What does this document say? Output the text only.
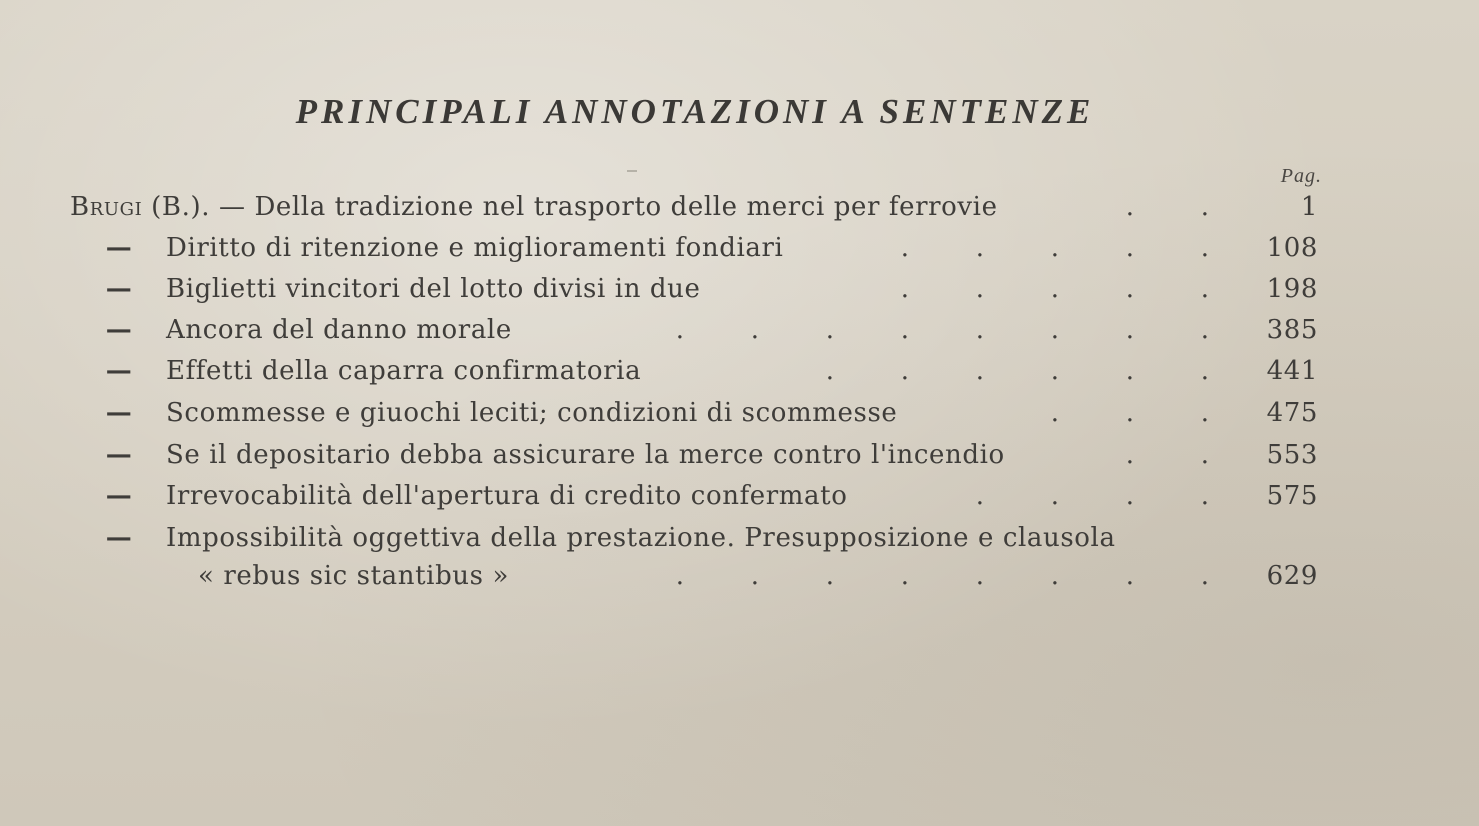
PRINCIPALI ANNOTAZIONI A SENTENZE
Pag.
Brugi (B.). — Della tradizione nel trasporto delle merci per ferrovie	.	.	1
— Diritto di ritenzione e miglioramenti fondiari	.	.	.	.	.	108
— Biglietti vincitori del lotto divisi in due	.	.	.	.	.	198
— Ancora del danno morale	.	.	.	.	.	.	.	.	385
— Effetti della caparra confirmatoria	.	.	.	.	.	.	441
— Scommesse e giuochi leciti; condizioni di scommesse	.	.	.	475
— Se il depositario debba assicurare la merce contro l'incendio	.	.	553
— Irrevocabilità dell'apertura di credito confermato	.	.	.	.	575
— Impossibilità oggettiva della prestazione. Presupposizione e clausola
« rebus sic stantibus »	.	.	.	.	.	.	.	.	629
